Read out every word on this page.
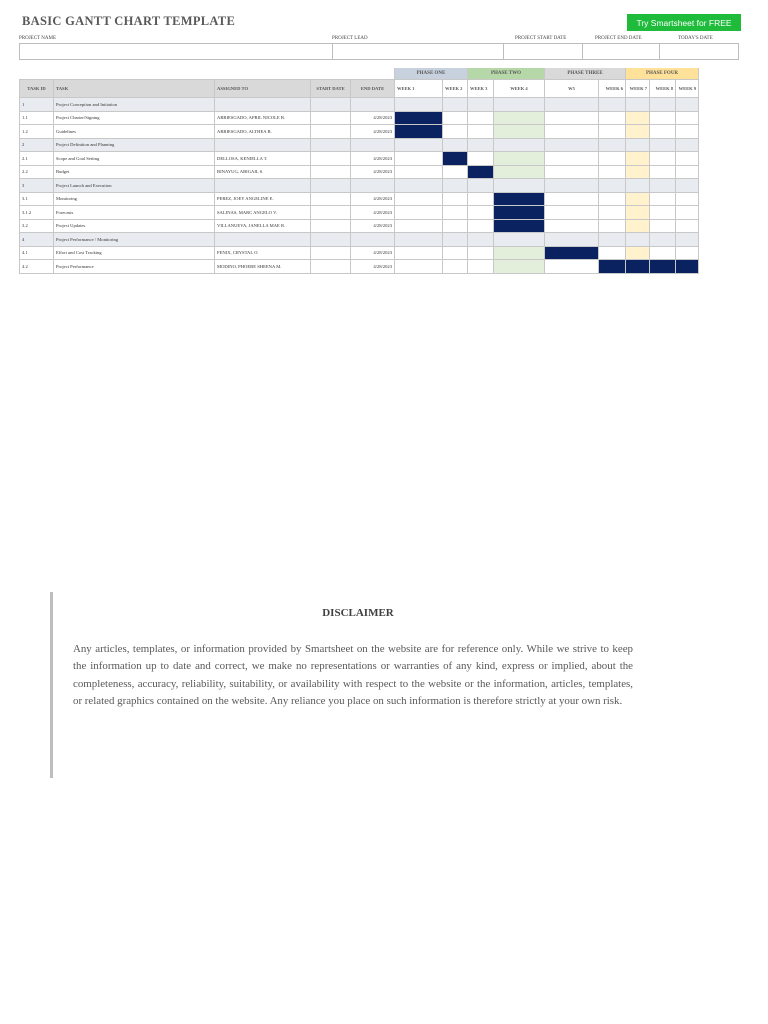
BASIC GANTT CHART TEMPLATE	Try Smartsheet for FREE
PROJECT NAME	PROJECT LEAD	PROJECT START DATE	PROJECT END DATE	TODAY'S DATE
					PHASE ONE		PHASE TWO		PHASE THREE		PHASE FOUR		
TASK ID	TASK	ASSIGNED TO	START DATE	END DATE	WEEK 1	WEEK 2	WEEK 3	WEEK 4	W5	WEEK 6	WEEK 7	WEEK 8	WEEK 9
1	Project Conception and Initiation												
1.1	Project Charter/Signing	ARRIESGADO, APRIL NICOLE B.		4/28/2023									
1.2	Guidelines	ARRIESGADO, ALTHEA B.		4/28/2023									
2	Project Definition and Planning												
2.1	Scope and Goal Setting	DELLOSA, KENIELLA T.		4/28/2023									
2.2	Budget	BINAYUG, ABIGAIL S.		4/28/2023									
3	Project Launch and Execution												
3.1	Monitoring	PEREZ, JOEY ANGELINE E.		4/28/2023									
3.1.2	Forecasts	SALINAS, MARC ANGELO V.		4/28/2023									
3.2	Project Updates	VILLANUEVA, JANELLA MAE R.		4/28/2023									
4	Project Performance / Monitoring												
4.1	Effort and Cost Tracking	FENIX, CRYSTAL O.		4/28/2023									
4.2	Project Performance	MODINO, PHOEBE SHEENA M.		4/28/2023									
DISCLAIMER
Any articles, templates, or information provided by Smartsheet on the website are for reference only. While we strive to keep the information up to date and correct, we make no representations or warranties of any kind, express or implied, about the completeness, accuracy, reliability, suitability, or availability with respect to the website or the information, articles, templates, or related graphics contained on the website. Any reliance you place on such information is therefore strictly at your own risk.
